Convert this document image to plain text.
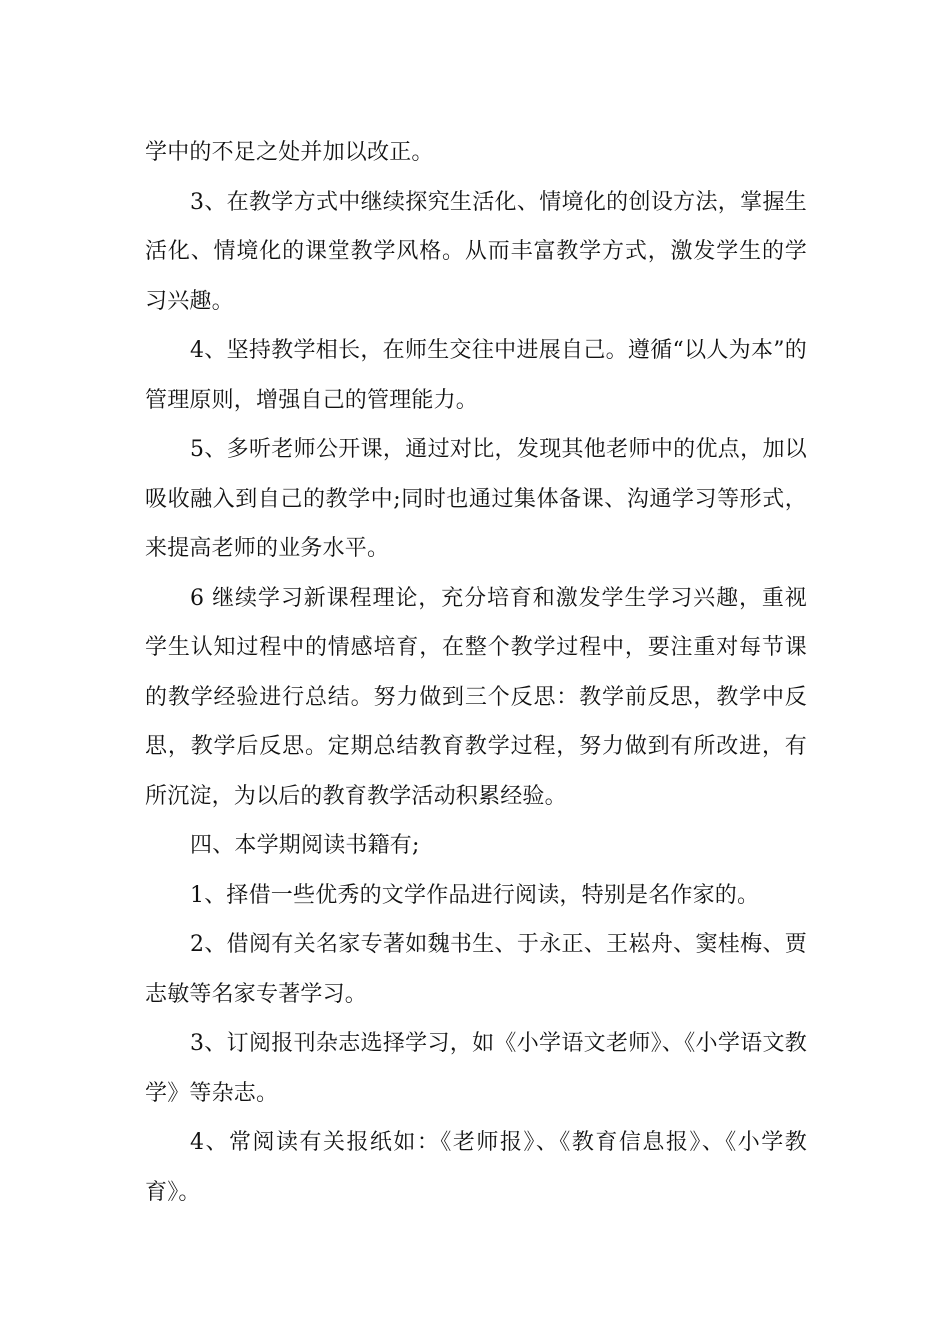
学中的不足之处并加以改正。

3、在教学方式中继续探究生活化、情境化的创设方法，掌握生活化、情境化的课堂教学风格。从而丰富教学方式，激发学生的学习兴趣。

4、坚持教学相长，在师生交往中进展自己。遵循“以人为本”的管理原则，增强自己的管理能力。

5、多听老师公开课，通过对比，发现其他老师中的优点，加以吸收融入到自己的教学中;同时也通过集体备课、沟通学习等形式，来提高老师的业务水平。

6 继续学习新课程理论，充分培育和激发学生学习兴趣，重视学生认知过程中的情感培育，在整个教学过程中，要注重对每节课的教学经验进行总结。努力做到三个反思：教学前反思，教学中反思，教学后反思。定期总结教育教学过程，努力做到有所改进，有所沉淀，为以后的教育教学活动积累经验。

四、本学期阅读书籍有;

1、择借一些优秀的文学作品进行阅读，特别是名作家的。

2、借阅有关名家专著如魏书生、于永正、王崧舟、窦桂梅、贾志敏等名家专著学习。

3、订阅报刊杂志选择学习，如《小学语文老师》、《小学语文教学》等杂志。

4、常阅读有关报纸如：《老师报》、《教育信息报》、《小学教育》。
